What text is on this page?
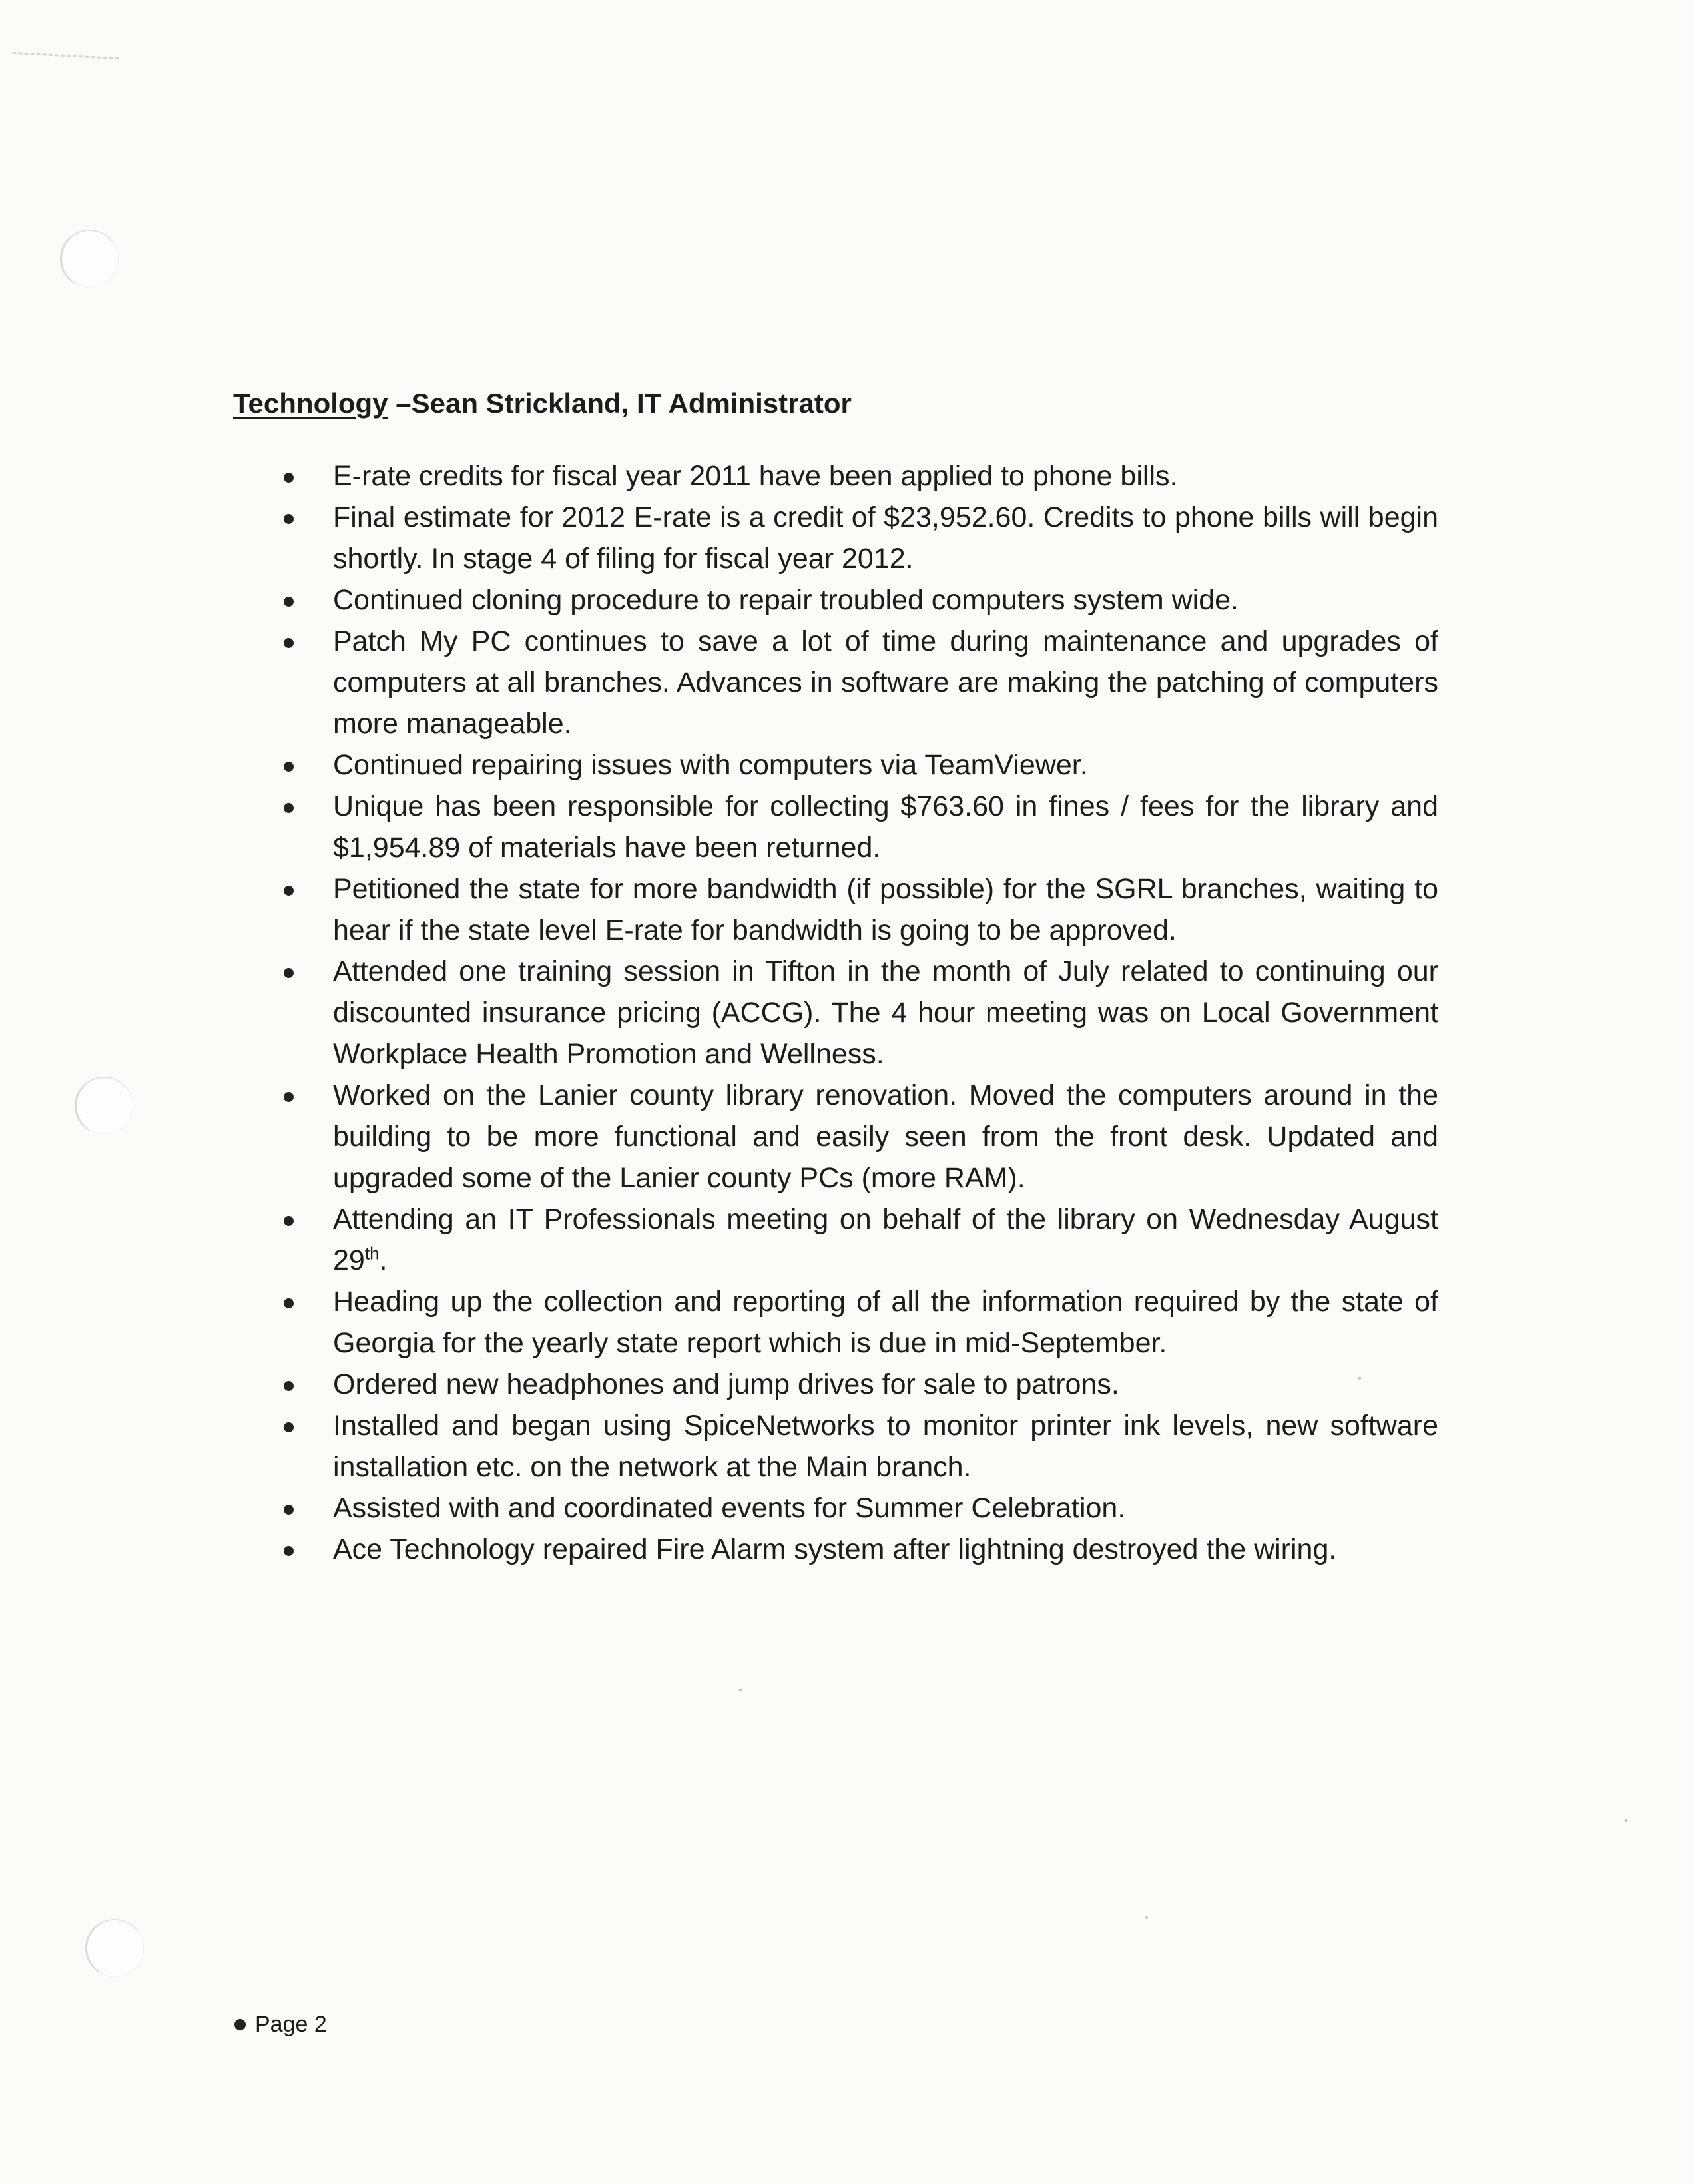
Technology –Sean Strickland, IT Administrator
E-rate credits for fiscal year 2011 have been applied to phone bills.
Final estimate for 2012 E-rate is a credit of $23,952.60. Credits to phone bills will begin shortly. In stage 4 of filing for fiscal year 2012.
Continued cloning procedure to repair troubled computers system wide.
Patch My PC continues to save a lot of time during maintenance and upgrades of computers at all branches. Advances in software are making the patching of computers more manageable.
Continued repairing issues with computers via TeamViewer.
Unique has been responsible for collecting $763.60 in fines / fees for the library and $1,954.89 of materials have been returned.
Petitioned the state for more bandwidth (if possible) for the SGRL branches, waiting to hear if the state level E-rate for bandwidth is going to be approved.
Attended one training session in Tifton in the month of July related to continuing our discounted insurance pricing (ACCG). The 4 hour meeting was on Local Government Workplace Health Promotion and Wellness.
Worked on the Lanier county library renovation. Moved the computers around in the building to be more functional and easily seen from the front desk. Updated and upgraded some of the Lanier county PCs (more RAM).
Attending an IT Professionals meeting on behalf of the library on Wednesday August 29th.
Heading up the collection and reporting of all the information required by the state of Georgia for the yearly state report which is due in mid-September.
Ordered new headphones and jump drives for sale to patrons.
Installed and began using SpiceNetworks to monitor printer ink levels, new software installation etc. on the network at the Main branch.
Assisted with and coordinated events for Summer Celebration.
Ace Technology repaired Fire Alarm system after lightning destroyed the wiring.
Page 2
